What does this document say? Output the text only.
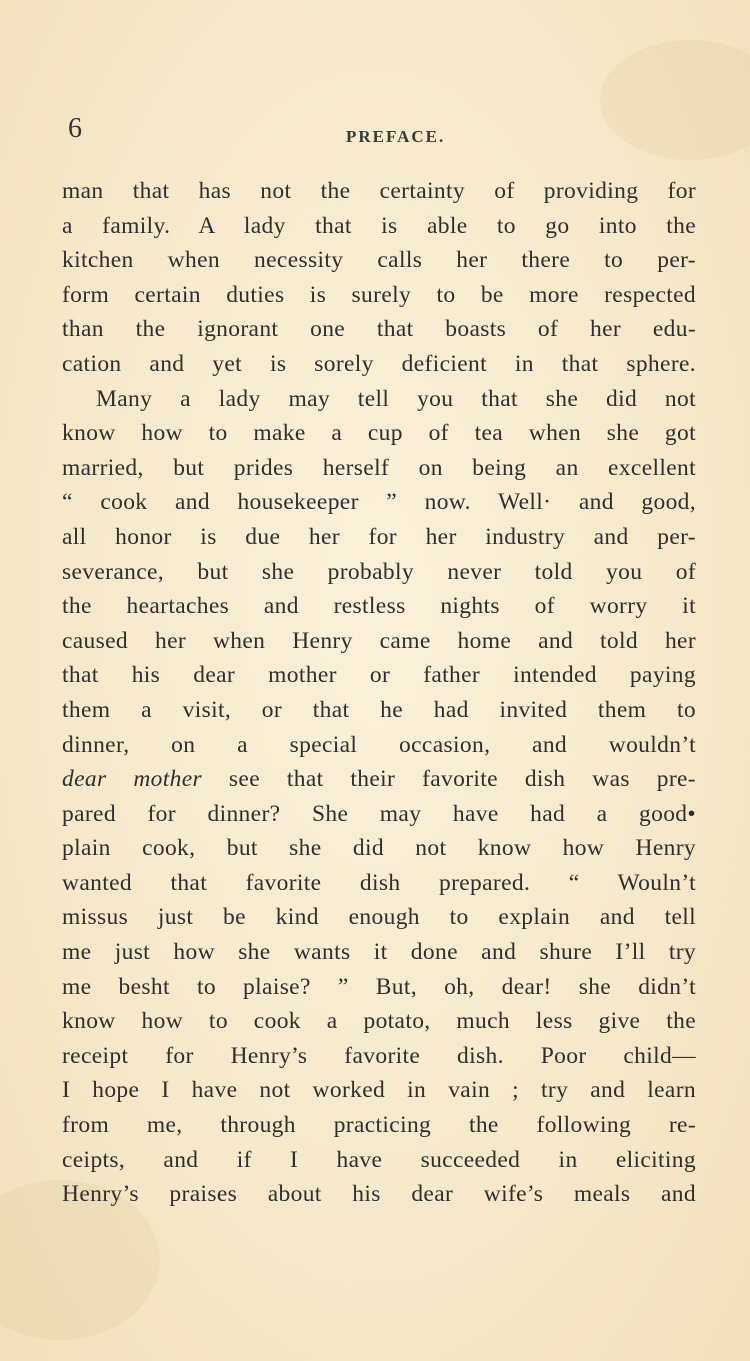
6	PREFACE.
man that has not the certainty of providing for
a family. A lady that is able to go into the
kitchen when necessity calls her there to per-
form certain duties is surely to be more respected
than the ignorant one that boasts of her edu-
cation and yet is sorely deficient in that sphere.
Many a lady may tell you that she did not
know how to make a cup of tea when she got
married, but prides herself on being an excellent
“ cook and housekeeper ” now. Well· and good,
all honor is due her for her industry and per-
severance, but she probably never told you of
the heartaches and restless nights of worry it
caused her when Henry came home and told her
that his dear mother or father intended paying
them a visit, or that he had invited them to
dinner, on a special occasion, and wouldn’t
dear mother see that their favorite dish was pre-
pared for dinner? She may have had a good•
plain cook, but she did not know how Henry
wanted that favorite dish prepared. “ Wouln’t
missus just be kind enough to explain and tell
me just how she wants it done and shure I’ll try
me besht to plaise? ” But, oh, dear! she didn’t
know how to cook a potato, much less give the
receipt for Henry’s favorite dish. Poor child—
I hope I have not worked in vain ; try and learn
from me, through practicing the following re-
ceipts, and if I have succeeded in eliciting
Henry’s praises about his dear wife’s meals and
